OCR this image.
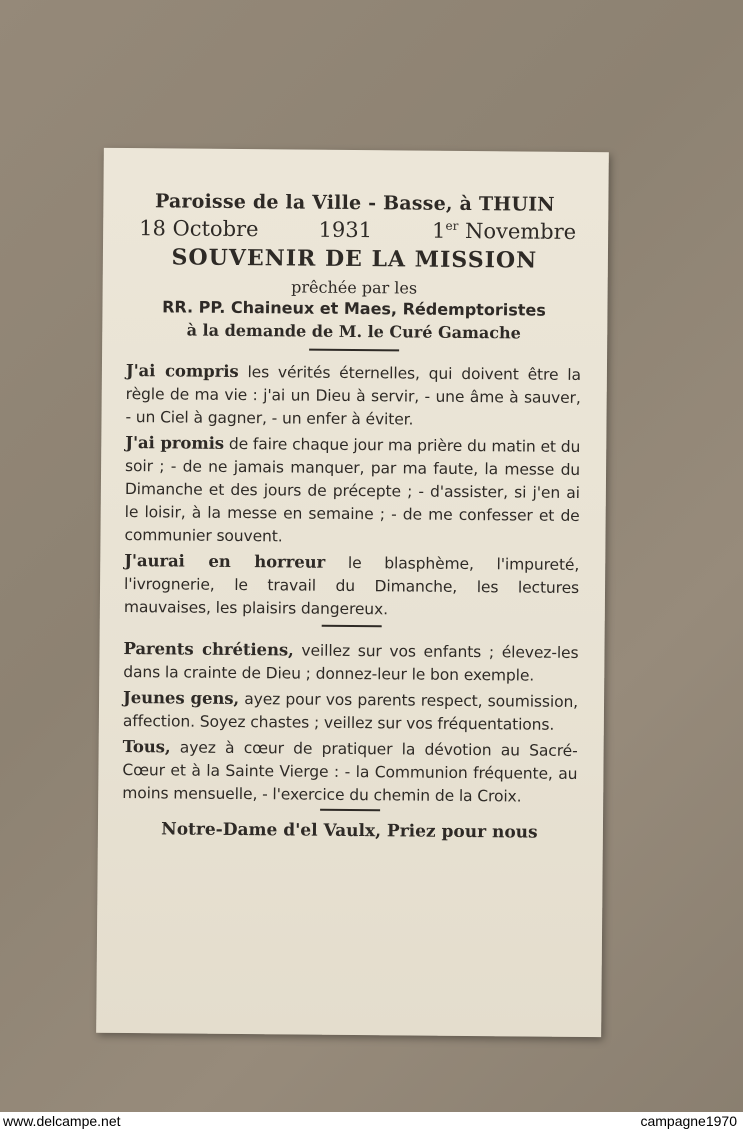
Paroisse de la Ville - Basse, à THUIN
18 Octobre	1931	1er Novembre
SOUVENIR DE LA MISSION
prêchée par les
RR. PP. Chaineux et Maes, Rédemptoristes
à la demande de M. le Curé Gamache

J'ai compris les vérités éternelles, qui doivent être la règle de ma vie : j'ai un Dieu à servir, - une âme à sauver, - un Ciel à gagner, - un enfer à éviter.

J'ai promis de faire chaque jour ma prière du matin et du soir ; - de ne jamais manquer, par ma faute, la messe du Dimanche et des jours de précepte ; - d'assister, si j'en ai le loisir, à la messe en semaine ; - de me confesser et de communier souvent.

J'aurai en horreur le blasphème, l'impureté, l'ivrognerie, le travail du Dimanche, les lectures mauvaises, les plaisirs dangereux.

Parents chrétiens, veillez sur vos enfants ; élevez-les dans la crainte de Dieu ; donnez-leur le bon exemple.

Jeunes gens, ayez pour vos parents respect, soumission, affection. Soyez chastes ; veillez sur vos fréquentations.

Tous, ayez à cœur de pratiquer la dévotion au Sacré-Cœur et à la Sainte Vierge : - la Communion fréquente, au moins mensuelle, - l'exercice du chemin de la Croix.

Notre-Dame d'el Vaulx, Priez pour nous
www.delcampe.net	campagne1970
